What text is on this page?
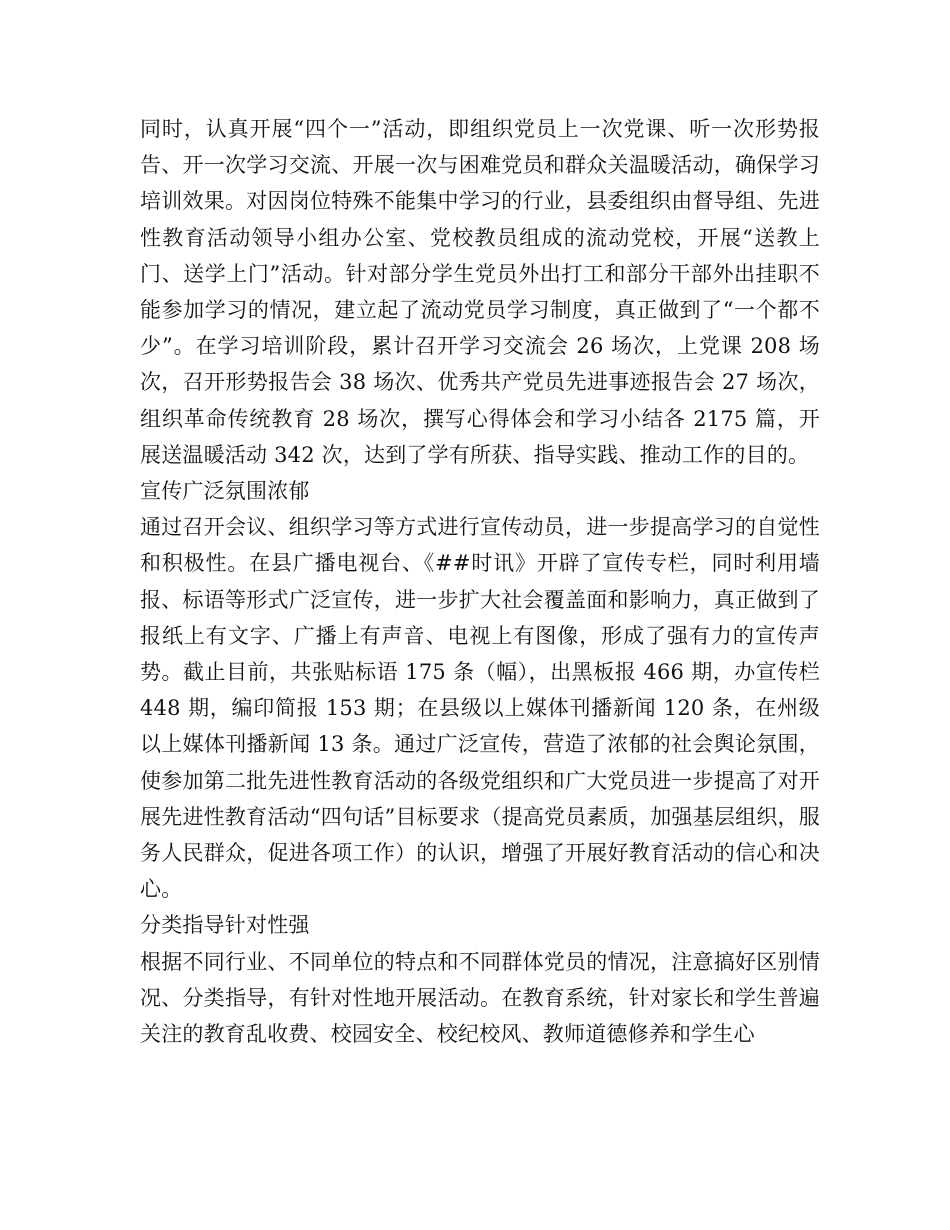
同时，认真开展“四个一”活动，即组织党员上一次党课、听一次形势报告、开一次学习交流、开展一次与困难党员和群众关温暖活动，确保学习培训效果。对因岗位特殊不能集中学习的行业，县委组织由督导组、先进性教育活动领导小组办公室、党校教员组成的流动党校，开展“送教上门、送学上门”活动。针对部分学生党员外出打工和部分干部外出挂职不能参加学习的情况，建立起了流动党员学习制度，真正做到了“一个都不少”。在学习培训阶段，累计召开学习交流会 26 场次，上党课 208 场次，召开形势报告会 38 场次、优秀共产党员先进事迹报告会 27 场次，组织革命传统教育 28 场次，撰写心得体会和学习小结各 2175 篇，开展送温暖活动 342 次，达到了学有所获、指导实践、推动工作的目的。

宣传广泛氛围浓郁

通过召开会议、组织学习等方式进行宣传动员，进一步提高学习的自觉性和积极性。在县广播电视台、《##时讯》开辟了宣传专栏，同时利用墙报、标语等形式广泛宣传，进一步扩大社会覆盖面和影响力，真正做到了报纸上有文字、广播上有声音、电视上有图像，形成了强有力的宣传声势。截止目前，共张贴标语 175 条（幅），出黑板报 466 期，办宣传栏 448 期，编印简报 153 期；在县级以上媒体刊播新闻 120 条，在州级以上媒体刊播新闻 13 条。通过广泛宣传，营造了浓郁的社会舆论氛围，使参加第二批先进性教育活动的各级党组织和广大党员进一步提高了对开展先进性教育活动“四句话”目标要求（提高党员素质，加强基层组织，服务人民群众，促进各项工作）的认识，增强了开展好教育活动的信心和决心。

分类指导针对性强

根据不同行业、不同单位的特点和不同群体党员的情况，注意搞好区别情况、分类指导，有针对性地开展活动。在教育系统，针对家长和学生普遍关注的教育乱收费、校园安全、校纪校风、教师道德修养和学生心
